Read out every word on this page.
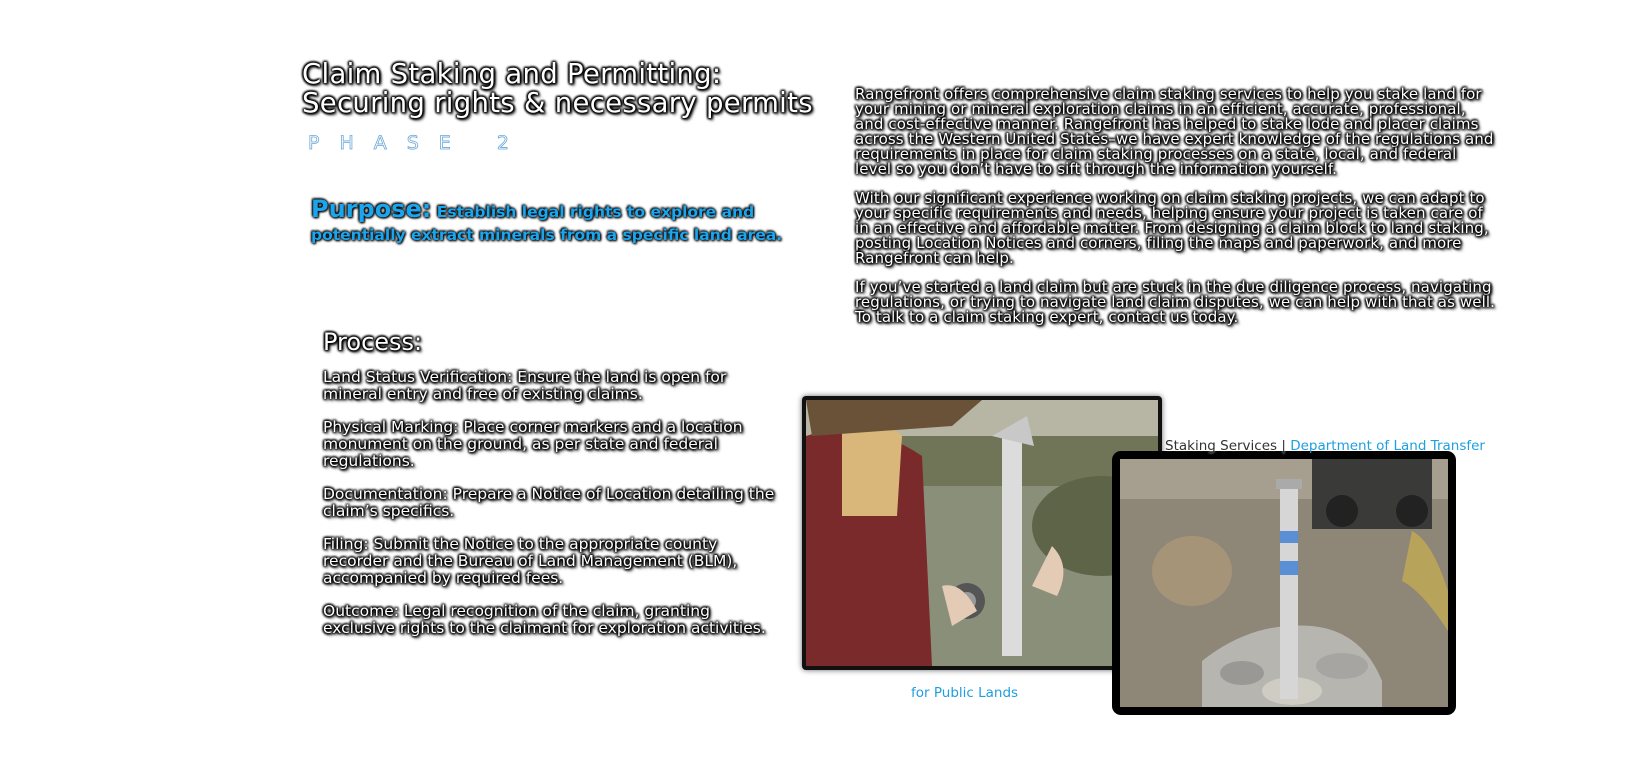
Claim Staking and Permitting:
Securing rights & necessary permits
PHASE 2
Purpose: Establish legal rights to explore and potentially extract minerals from a specific land area.
Process:
Land Status Verification: Ensure the land is open for mineral entry and free of existing claims.
Physical Marking: Place corner markers and a location monument on the ground, as per state and federal regulations.
Documentation: Prepare a Notice of Location detailing the claim’s specifics.
Filing: Submit the Notice to the appropriate county recorder and the Bureau of Land Management (BLM), accompanied by required fees.
Outcome: Legal recognition of the claim, granting exclusive rights to the claimant for exploration activities.

Rangefront offers comprehensive claim staking services to help you stake land for your mining or mineral exploration claims in an efficient, accurate, professional, and cost-effective manner. Rangefront has helped to stake lode and placer claims across the Western United States–we have expert knowledge of the regulations and requirements in place for claim staking processes on a state, local, and federal level so you don’t have to sift through the information yourself.

With our significant experience working on claim staking projects, we can adapt to your specific requirements and needs, helping ensure your project is taken care of in an effective and affordable matter. From designing a claim block to land staking, posting Location Notices and corners, filing the maps and paperwork, and more Rangefront can help.

If you’ve started a land claim but are stuck in the due diligence process, navigating regulations, or trying to navigate land claim disputes, we can help with that as well. To talk to a claim staking expert, contact us today.

Staking Services | Department of Land Transfer
for Public Lands
